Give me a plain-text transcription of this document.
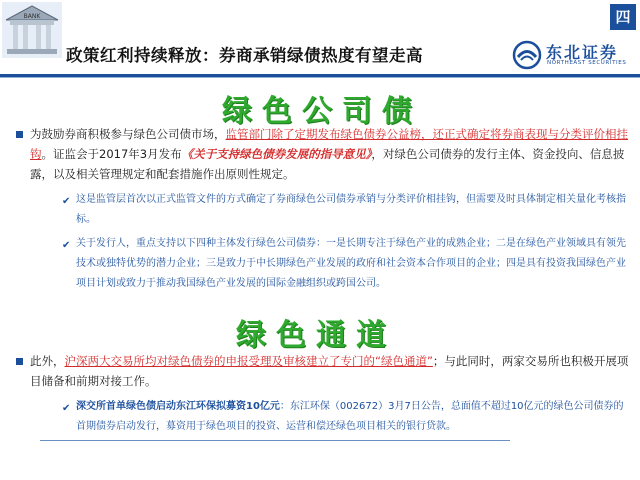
BANK
政策红利持续释放：券商承销绿债热度有望走高
四
东北证券
NORTHEAST SECURITIES
绿色公司债
为鼓励券商积极参与绿色公司债市场，监管部门除了定期发布绿色债券公益榜，还正式确定将券商表现与分类评价相挂钩。证监会于2017年3月发布《关于支持绿色债券发展的指导意见》，对绿色公司债券的发行主体、资金投向、信息披露，以及相关管理规定和配套措施作出原则性规定。
✔ 这是监管层首次以正式监管文件的方式确定了券商绿色公司债券承销与分类评价相挂钩，但需要及时具体制定相关量化考核指标。
✔ 关于发行人，重点支持以下四种主体发行绿色公司债券：一是长期专注于绿色产业的成熟企业；二是在绿色产业领域具有领先技术或独特优势的潜力企业；三是致力于中长期绿色产业发展的政府和社会资本合作项目的企业；四是具有投资我国绿色产业项目计划或致力于推动我国绿色产业发展的国际金融组织或跨国公司。
绿色通道
此外，沪深两大交易所均对绿色债券的申报受理及审核建立了专门的“绿色通道”；与此同时，两家交易所也积极开展项目储备和前期对接工作。
✔ 深交所首单绿色债启动东江环保拟募资10亿元：东江环保（002672）3月7日公告，总面值不超过10亿元的绿色公司债券的首期债券启动发行，募资用于绿色项目的投资、运营和偿还绿色项目相关的银行贷款。
